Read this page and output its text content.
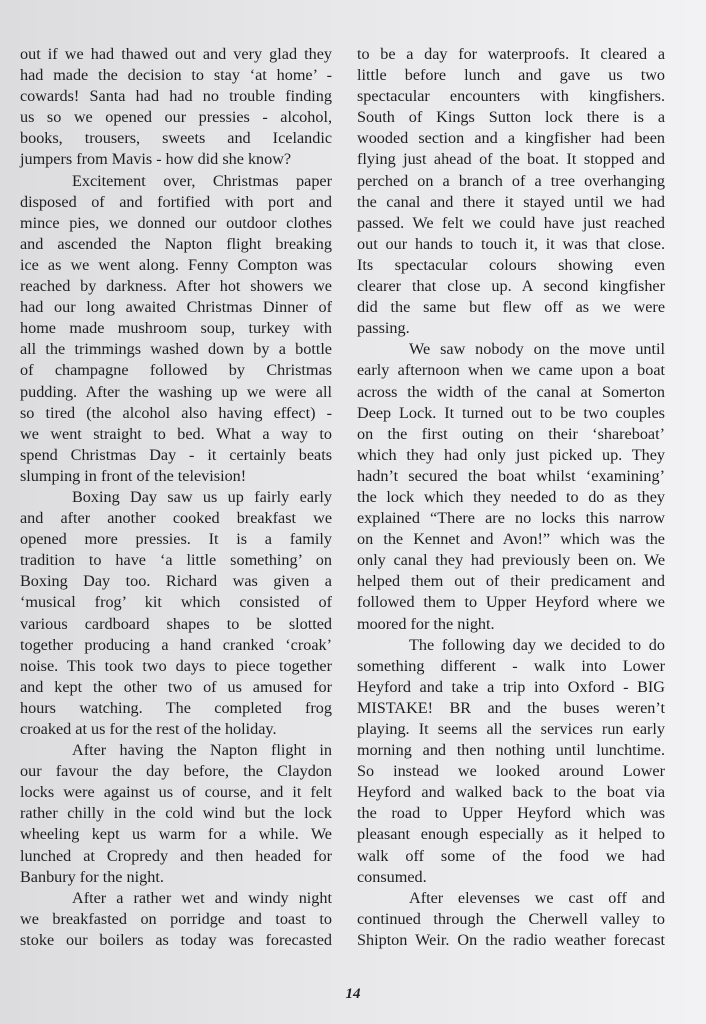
out if we had thawed out and very glad they
had made the decision to stay ‘at home’ -
cowards! Santa had had no trouble finding
us so we opened our pressies - alcohol,
books, trousers, sweets and Icelandic
jumpers from Mavis - how did she know?
Excitement over, Christmas paper
disposed of and fortified with port and
mince pies, we donned our outdoor clothes
and ascended the Napton flight breaking
ice as we went along. Fenny Compton was
reached by darkness. After hot showers we
had our long awaited Christmas Dinner of
home made mushroom soup, turkey with
all the trimmings washed down by a bottle
of champagne followed by Christmas
pudding. After the washing up we were all
so tired (the alcohol also having effect) -
we went straight to bed. What a way to
spend Christmas Day - it certainly beats
slumping in front of the television!
Boxing Day saw us up fairly early
and after another cooked breakfast we
opened more pressies. It is a family
tradition to have ‘a little something’ on
Boxing Day too. Richard was given a
‘musical frog’ kit which consisted of
various cardboard shapes to be slotted
together producing a hand cranked ‘croak’
noise. This took two days to piece together
and kept the other two of us amused for
hours watching. The completed frog
croaked at us for the rest of the holiday.
After having the Napton flight in
our favour the day before, the Claydon
locks were against us of course, and it felt
rather chilly in the cold wind but the lock
wheeling kept us warm for a while. We
lunched at Cropredy and then headed for
Banbury for the night.
After a rather wet and windy night
we breakfasted on porridge and toast to
stoke our boilers as today was forecasted
to be a day for waterproofs. It cleared a
little before lunch and gave us two
spectacular encounters with kingfishers.
South of Kings Sutton lock there is a
wooded section and a kingfisher had been
flying just ahead of the boat. It stopped and
perched on a branch of a tree overhanging
the canal and there it stayed until we had
passed. We felt we could have just reached
out our hands to touch it, it was that close.
Its spectacular colours showing even
clearer that close up. A second kingfisher
did the same but flew off as we were
passing.
We saw nobody on the move until
early afternoon when we came upon a boat
across the width of the canal at Somerton
Deep Lock. It turned out to be two couples
on the first outing on their ‘shareboat’
which they had only just picked up. They
hadn’t secured the boat whilst ‘examining’
the lock which they needed to do as they
explained “There are no locks this narrow
on the Kennet and Avon!” which was the
only canal they had previously been on. We
helped them out of their predicament and
followed them to Upper Heyford where we
moored for the night.
The following day we decided to do
something different - walk into Lower
Heyford and take a trip into Oxford - BIG
MISTAKE! BR and the buses weren’t
playing. It seems all the services run early
morning and then nothing until lunchtime.
So instead we looked around Lower
Heyford and walked back to the boat via
the road to Upper Heyford which was
pleasant enough especially as it helped to
walk off some of the food we had
consumed.
After elevenses we cast off and
continued through the Cherwell valley to
Shipton Weir. On the radio weather forecast
14
